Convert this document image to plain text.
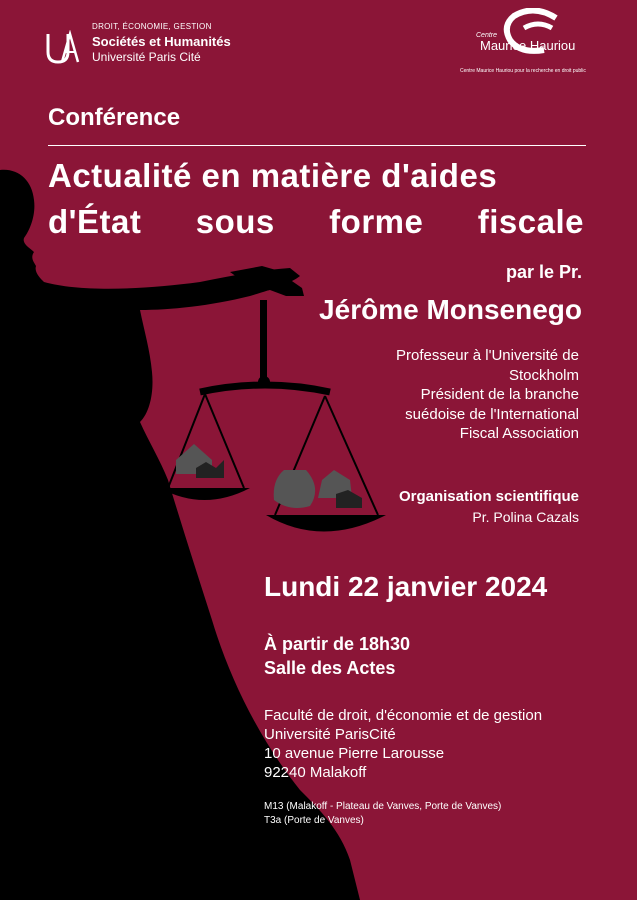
DROIT, ÉCONOMIE, GESTION
Sociétés et Humanités
Université Paris Cité
Centre
Maurice Hauriou
Centre Maurice Hauriou pour la recherche en droit public
Conférence
Actualité en matière d'aides
d'État sous forme fiscale
par le Pr.
Jérôme Monsenego
Professeur à l'Université de
Stockholm
Président de la branche
suédoise de l'International
Fiscal Association
Organisation scientifique
Pr. Polina Cazals
Lundi 22 janvier 2024
À partir de 18h30
Salle des Actes
Faculté de droit, d'économie et de gestion
Université ParisCité
10 avenue Pierre Larousse
92240 Malakoff
M13 (Malakoff - Plateau de Vanves, Porte de Vanves)
T3a (Porte de Vanves)
